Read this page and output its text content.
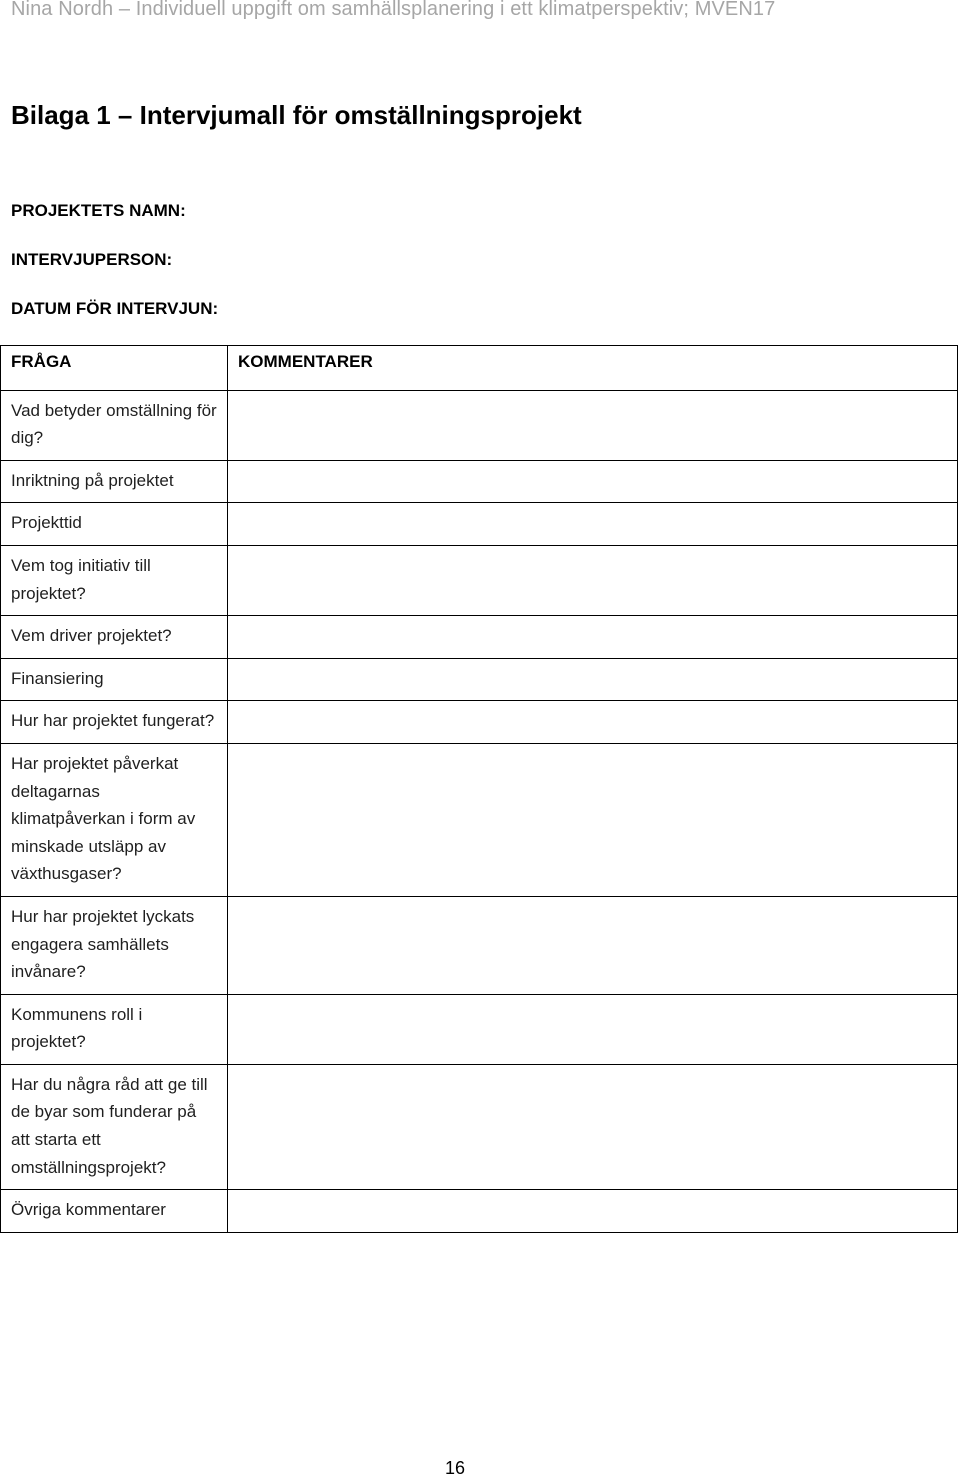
Nina Nordh – Individuell uppgift om samhällsplanering i ett klimatperspektiv; MVEN17
Bilaga 1 – Intervjumall för omställningsprojekt
PROJEKTETS NAMN:
INTERVJUPERSON:
DATUM FÖR INTERVJUN:
FRÅGA	KOMMENTARER
Vad betyder omställning för dig?	
Inriktning på projektet	
Projekttid	
Vem tog initiativ till projektet?	
Vem driver projektet?	
Finansiering	
Hur har projektet fungerat?	
Har projektet påverkat deltagarnas klimatpåverkan i form av minskade utsläpp av växthusgaser?	
Hur har projektet lyckats engagera samhällets invånare?	
Kommunens roll i projektet?	
Har du några råd att ge till de byar som funderar på att starta ett omställningsprojekt?	
Övriga kommentarer	
16
